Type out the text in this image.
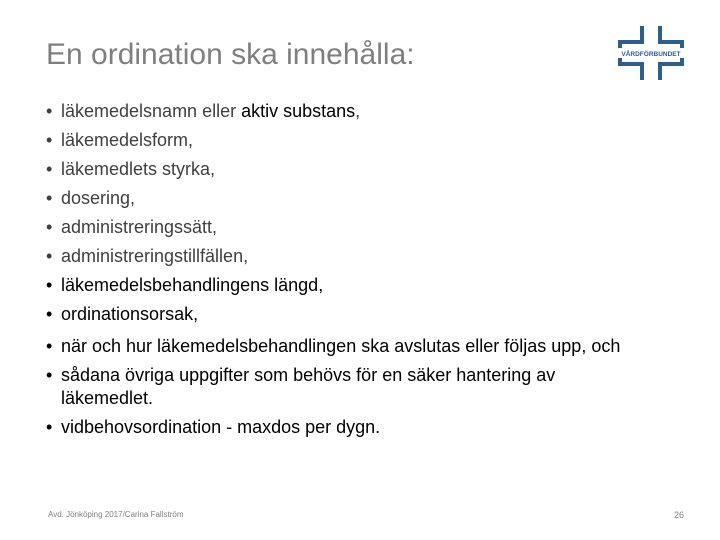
En ordination ska innehålla:	VÅRDFÖRBUNDET
• läkemedelsnamn eller aktiv substans,
• läkemedelsform,
• läkemedlets styrka,
• dosering,
• administreringssätt,
• administreringstillfällen,
• läkemedelsbehandlingens längd,
• ordinationsorsak,
• när och hur läkemedelsbehandlingen ska avslutas eller följas upp, och
• sådana övriga uppgifter som behövs för en säker hantering av läkemedlet.
• vidbehovsordination - maxdos per dygn.
Avd. Jönköping 2017/Carina Fallström	26
